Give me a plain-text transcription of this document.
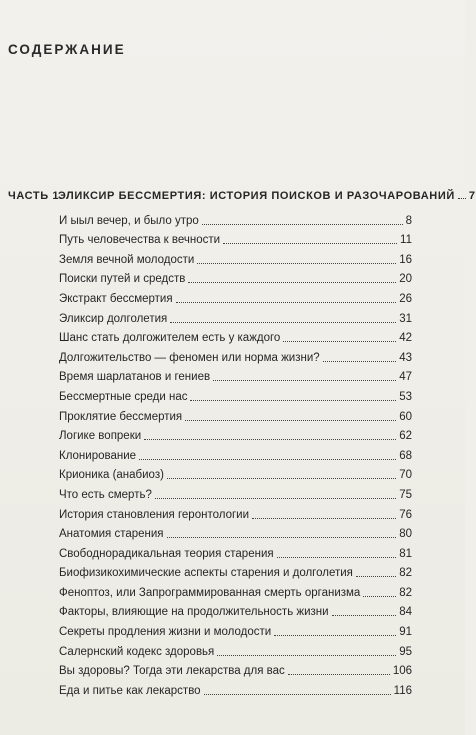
СОДЕРЖАНИЕ
ЧАСТЬ 1.
ЭЛИКСИР БЕССМЕРТИЯ: ИСТОРИЯ ПОИСКОВ И РАЗОЧАРОВАНИЙ 7
И ыыл вечер, и было утро	8
Путь человечества к вечности	11
Земля вечной молодости	16
Поиски путей и средств	20
Экстракт бессмертия	26
Эликсир долголетия	31
Шанс стать долгожителем есть у каждого	42
Долгожительство — феномен или норма жизни?	43
Время шарлатанов и гениев	47
Бессмертные среди нас	53
Проклятие бессмертия	60
Логике вопреки	62
Клонирование	68
Крионика (анабиоз)	70
Что есть смерть?	75
История становления геронтологии	76
Анатомия старения	80
Свободнорадикальная теория старения	81
Биофизикохимические аспекты старения и долголетия	82
Феноптоз, или Запрограммированная смерть организма	82
Факторы, влияющие на продолжительность жизни	84
Секреты продления жизни и молодости	91
Салернский кодекс здоровья	95
Вы здоровы? Тогда эти лекарства для вас	106
Еда и питье как лекарство	116
